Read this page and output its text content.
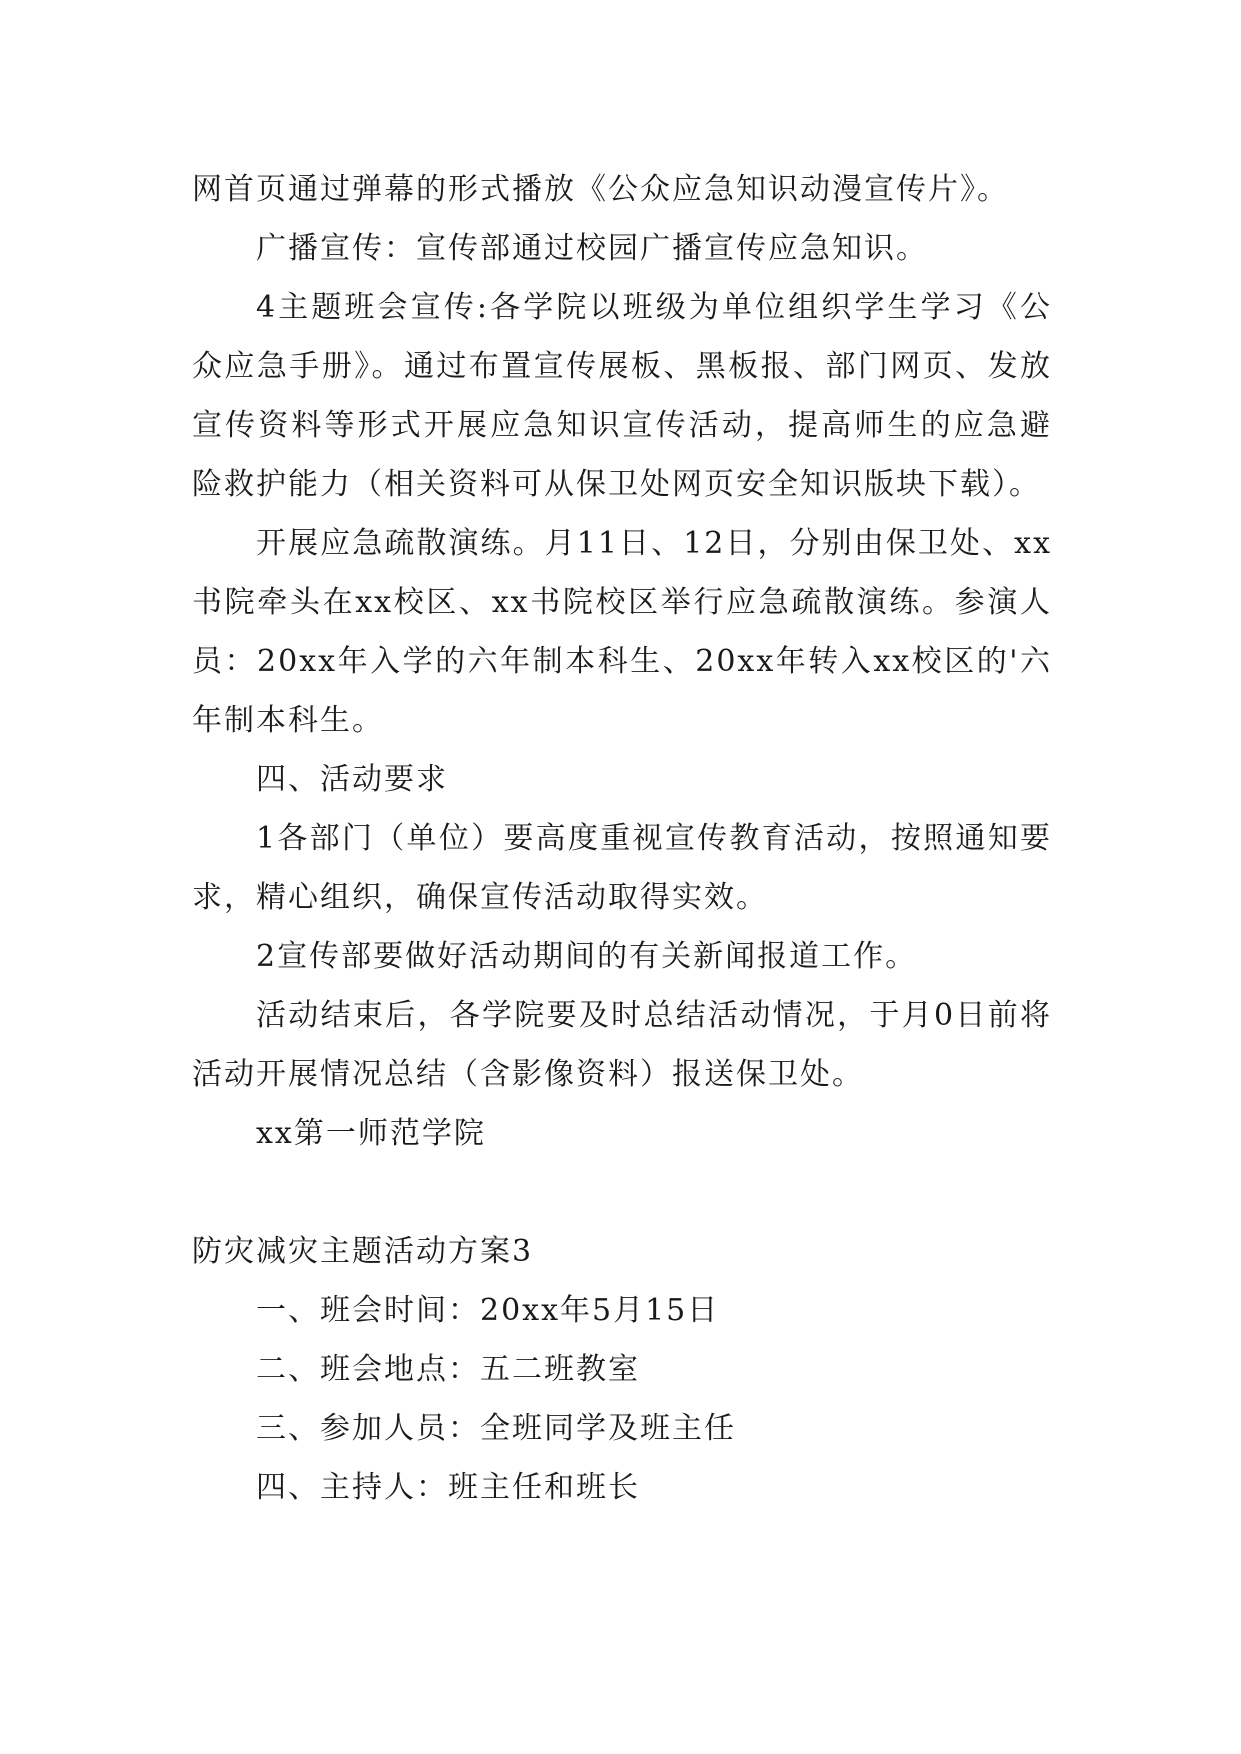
网首页通过弹幕的形式播放《公众应急知识动漫宣传片》。

广播宣传：宣传部通过校园广播宣传应急知识。

4主题班会宣传:各学院以班级为单位组织学生学习《公众应急手册》。通过布置宣传展板、黑板报、部门网页、发放宣传资料等形式开展应急知识宣传活动，提高师生的应急避险救护能力（相关资料可从保卫处网页安全知识版块下载）。

开展应急疏散演练。月11日、12日，分别由保卫处、xx书院牵头在xx校区、xx书院校区举行应急疏散演练。参演人员：20xx年入学的六年制本科生、20xx年转入xx校区的'六年制本科生。

四、活动要求

1各部门（单位）要高度重视宣传教育活动，按照通知要求，精心组织，确保宣传活动取得实效。

2宣传部要做好活动期间的有关新闻报道工作。

活动结束后，各学院要及时总结活动情况，于月0日前将活动开展情况总结（含影像资料）报送保卫处。

xx第一师范学院

防灾减灾主题活动方案3

一、班会时间：20xx年5月15日

二、班会地点：五二班教室

三、参加人员：全班同学及班主任

四、主持人：班主任和班长
